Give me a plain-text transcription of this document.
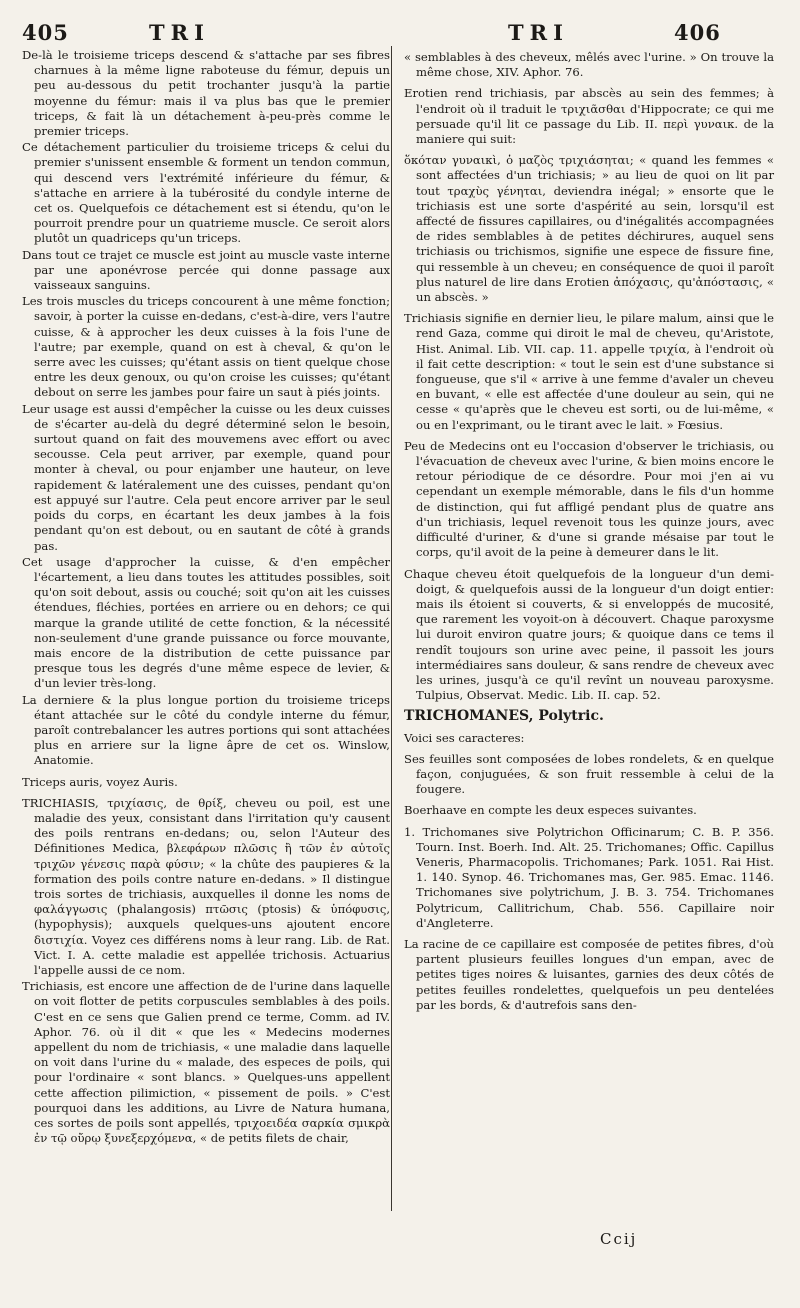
405	TRI	TRI	406

De-là le troisieme triceps descend & s'attache par ses fibres charnues à la même ligne raboteuse du fémur, depuis un peu au-dessous du petit trochanter jusqu'à la partie moyenne du fémur: mais il va plus bas que le premier triceps, & fait là un détachement à-peu-près comme le premier triceps.

Ce détachement particulier du troisieme triceps & celui du premier s'unissent ensemble & forment un tendon commun, qui descend vers l'extrémité inférieure du fémur, & s'attache en arriere à la tubérosité du condyle interne de cet os. Quelquefois ce détachement est si étendu, qu'on le pourroit prendre pour un quatrieme muscle. Ce seroit alors plutôt un quadriceps qu'un triceps.

Dans tout ce trajet ce muscle est joint au muscle vaste interne par une aponévrose percée qui donne passage aux vaisseaux sanguins.

Les trois muscles du triceps concourent à une même fonction; savoir, à porter la cuisse en-dedans, c'est-à-dire, vers l'autre cuisse, & à approcher les deux cuisses à la fois l'une de l'autre; par exemple, quand on est à cheval, & qu'on le serre avec les cuisses; qu'étant assis on tient quelque chose entre les deux genoux, ou qu'on croise les cuisses; qu'étant debout on serre les jambes pour faire un saut à piés joints.

Leur usage est aussi d'empêcher la cuisse ou les deux cuisses de s'écarter au-delà du degré déterminé selon le besoin, surtout quand on fait des mouvemens avec effort ou avec secousse. Cela peut arriver, par exemple, quand pour monter à cheval, ou pour enjamber une hauteur, on leve rapidement & latéralement une des cuisses, pendant qu'on est appuyé sur l'autre. Cela peut encore arriver par le seul poids du corps, en écartant les deux jambes à la fois pendant qu'on est debout, ou en sautant de côté à grands pas.

Cet usage d'approcher la cuisse, & d'en empêcher l'écartement, a lieu dans toutes les attitudes possibles, soit qu'on soit debout, assis ou couché; soit qu'on ait les cuisses étendues, fléchies, portées en arriere ou en dehors; ce qui marque la grande utilité de cette fonction, & la nécessité non-seulement d'une grande puissance ou force mouvante, mais encore de la distribution de cette puissance par presque tous les degrés d'une même espece de levier, & d'un levier très-long.

La derniere & la plus longue portion du troisieme triceps étant attachée sur le côté du condyle interne du fémur, paroît contrebalancer les autres portions qui sont attachées plus en arriere sur la ligne âpre de cet os. Winslow, Anatomie.

Triceps auris, voyez Auris.

TRICHIASIS, τριχίασις, de θρίξ, cheveu ou poil, est une maladie des yeux, consistant dans l'irritation qu'y causent des poils rentrans en-dedans; ou, selon l'Auteur des Définitiones Medica, βλεφάρων πλῶσις ἢ τῶν ἐν αὐτοῖς τριχῶν γένεσις παρὰ φύσιν; « la chûte des paupieres & la formation des poils contre nature en-dedans. » Il distingue trois sortes de trichiasis, auxquelles il donne les noms de φαλάγγωσις (phalangosis) πτῶσις (ptosis) & ὑπόφυσις, (hypophysis); auxquels quelques-uns ajoutent encore διστιχία. Voyez ces différens noms à leur rang. Lib. de Rat. Vict. I. A. cette maladie est appellée trichosis. Actuarius l'appelle aussi de ce nom.

Trichiasis, est encore une affection de de l'urine dans laquelle on voit flotter de petits corpuscules semblables à des poils. C'est en ce sens que Galien prend ce terme, Comm. ad IV. Aphor. 76. où il dit « que les « Medecins modernes appellent du nom de trichiasis, « une maladie dans laquelle on voit dans l'urine du « malade, des especes de poils, qui pour l'ordinaire « sont blancs. » Quelques-uns appellent cette affection pilimiction, « pissement de poils. » C'est pourquoi dans les additions, au Livre de Natura humana, ces sortes de poils sont appellés, τριχοειδέα σαρκία σμικρὰ ἐν τῷ οὔρῳ ξυνεξερχόμενα, « de petits filets de chair,

« semblables à des cheveux, mêlés avec l'urine. » On trouve la même chose, XIV. Aphor. 76.

Erotien rend trichiasis, par abscès au sein des femmes; à l'endroit où il traduit le τριχιᾶσθαι d'Hippocrate; ce qui me persuade qu'il lit ce passage du Lib. II. περὶ γυναικ. de la maniere qui suit:

ὅκόταν γυναικὶ, ὁ μαζὸς τριχιάσηται; « quand les femmes « sont affectées d'un trichiasis; » au lieu de quoi on lit par tout τραχὺς γένηται, deviendra inégal; » ensorte que le trichiasis est une sorte d'aspérité au sein, lorsqu'il est affecté de fissures capillaires, ou d'inégalités accompagnées de rides semblables à de petites déchirures, auquel sens trichiasis ou trichismos, signifie une espece de fissure fine, qui ressemble à un cheveu; en conséquence de quoi il paroît plus naturel de lire dans Erotien ἀπόχασις, qu'ἀπόστασις, « un abscès. »

Trichiasis signifie en dernier lieu, le pilare malum, ainsi que le rend Gaza, comme qui diroit le mal de cheveu, qu'Aristote, Hist. Animal. Lib. VII. cap. 11. appelle τριχία, à l'endroit où il fait cette description: « tout le sein est d'une substance si fongueuse, que s'il « arrive à une femme d'avaler un cheveu en buvant, « elle est affectée d'une douleur au sein, qui ne cesse « qu'après que le cheveu est sorti, ou de lui-même, « ou en l'exprimant, ou le tirant avec le lait. » Fœsius.

Peu de Medecins ont eu l'occasion d'observer le trichiasis, ou l'évacuation de cheveux avec l'urine, & bien moins encore le retour périodique de ce désordre. Pour moi j'en ai vu cependant un exemple mémorable, dans le fils d'un homme de distinction, qui fut affligé pendant plus de quatre ans d'un trichiasis, lequel revenoit tous les quinze jours, avec difficulté d'uriner, & d'une si grande mésaise par tout le corps, qu'il avoit de la peine à demeurer dans le lit.

Chaque cheveu étoit quelquefois de la longueur d'un demi-doigt, & quelquefois aussi de la longueur d'un doigt entier: mais ils étoient si couverts, & si enveloppés de mucosité, que rarement les voyoit-on à découvert. Chaque paroxysme lui duroit environ quatre jours; & quoique dans ce tems il rendît toujours son urine avec peine, il passoit les jours intermédiaires sans douleur, & sans rendre de cheveux avec les urines, jusqu'à ce qu'il revînt un nouveau paroxysme. Tulpius, Observat. Medic. Lib. II. cap. 52.

TRICHOMANES, Polytric.

Voici ses caracteres:

Ses feuilles sont composées de lobes rondelets, & en quelque façon, conjuguées, & son fruit ressemble à celui de la fougere.

Boerhaave en compte les deux especes suivantes.

1. Trichomanes sive Polytrichon Officinarum; C. B. P. 356. Tourn. Inst. Boerh. Ind. Alt. 25. Trichomanes; Offic. Capillus Veneris, Pharmacopolis. Trichomanes; Park. 1051. Rai Hist. 1. 140. Synop. 46. Trichomanes mas, Ger. 985. Emac. 1146. Trichomanes sive polytrichum, J. B. 3. 754. Trichomanes Polytricum, Callitrichum, Chab. 556. Capillaire noir d'Angleterre.

La racine de ce capillaire est composée de petites fibres, d'où partent plusieurs feuilles longues d'un empan, avec de petites tiges noires & luisantes, garnies des deux côtés de petites feuilles rondelettes, quelquefois un peu dentelées par les bords, & d'autrefois sans den-

Ccij
